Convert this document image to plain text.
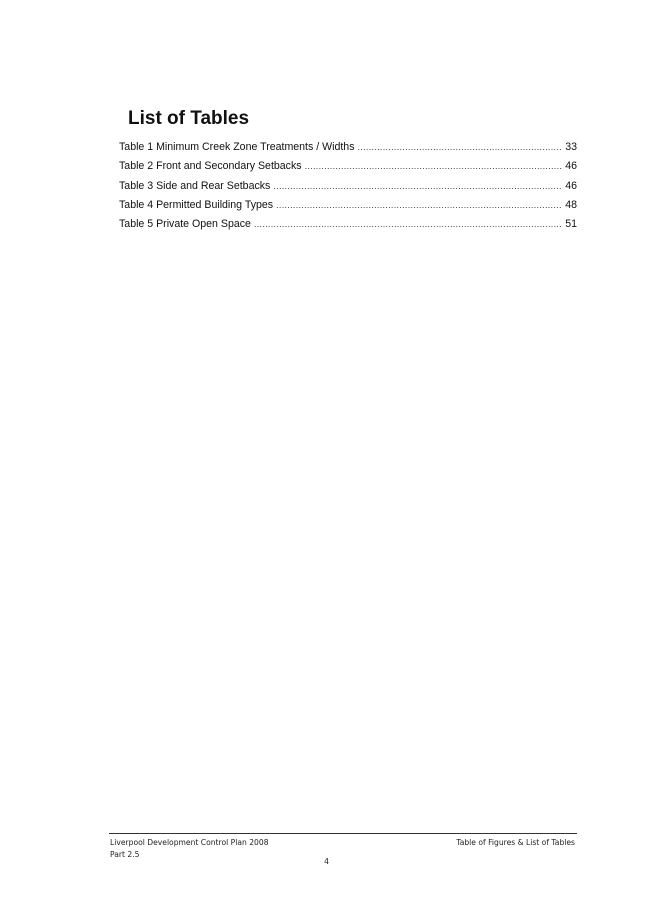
List of Tables
Table 1 Minimum Creek Zone Treatments / Widths .....	33
Table 2 Front and Secondary Setbacks .....	46
Table 3 Side and Rear Setbacks .....	46
Table 4 Permitted Building Types .....	48
Table 5 Private Open Space .....	51
Liverpool Development Control Plan 2008
Part 2.5
Table of Figures & List of Tables
4
